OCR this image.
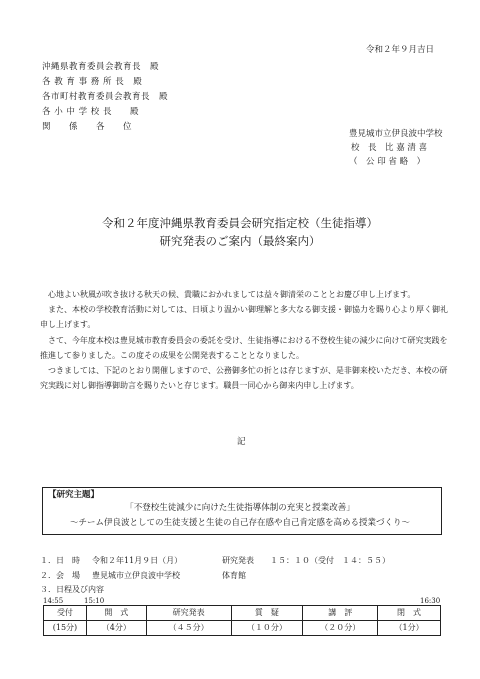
令和２年９月吉日
沖縄県教育委員会教育長　殿
各 教 育 事 務 所 長　殿
各市町村教育委員会教育長　殿
各 小 中 学 校 長　　殿
関　　係　　各　　位
豊見城市立伊良波中学校
校　長　比 嘉 清 喜
（　公 印 省 略　）
令和２年度沖縄県教育委員会研究指定校（生徒指導）
研究発表のご案内（最終案内）

心地よい秋風が吹き抜ける秋天の候、貴職におかれましては益々御清栄のこととお慶び申し上げます。

また、本校の学校教育活動に対しては、日頃より温かい御理解と多大なる御支援・御協力を賜り心より厚く御礼申し上げます。

さて、今年度本校は豊見城市教育委員会の委託を受け、生徒指導における不登校生徒の減少に向けて研究実践を推進して参りました。この度その成果を公開発表することとなりました。

つきましては、下記のとおり開催しますので、公務御多忙の折とは存じますが、是非御来校いただき、本校の研究実践に対し御指導御助言を賜りたいと存じます。職員一同心から御来内申し上げます。

記
【研究主題】
「不登校生徒減少に向けた生徒指導体制の充実と授業改善」
～チーム伊良波としての生徒支援と生徒の自己存在感や自己肯定感を高める授業づくり～
１．日　時 令和２年11月９日（月）	研究発表 １５：１０（受付　１４：５５）
２．会　場 豊見城市立伊良波中学校	体育館
３．日程及び内容
14:55	15:10	16:30
受付	開　式	研究発表	質　疑	講　評	閉　式
(15分)	（4分）	（４５分）	（１０分）	（２０分）	（1分）
